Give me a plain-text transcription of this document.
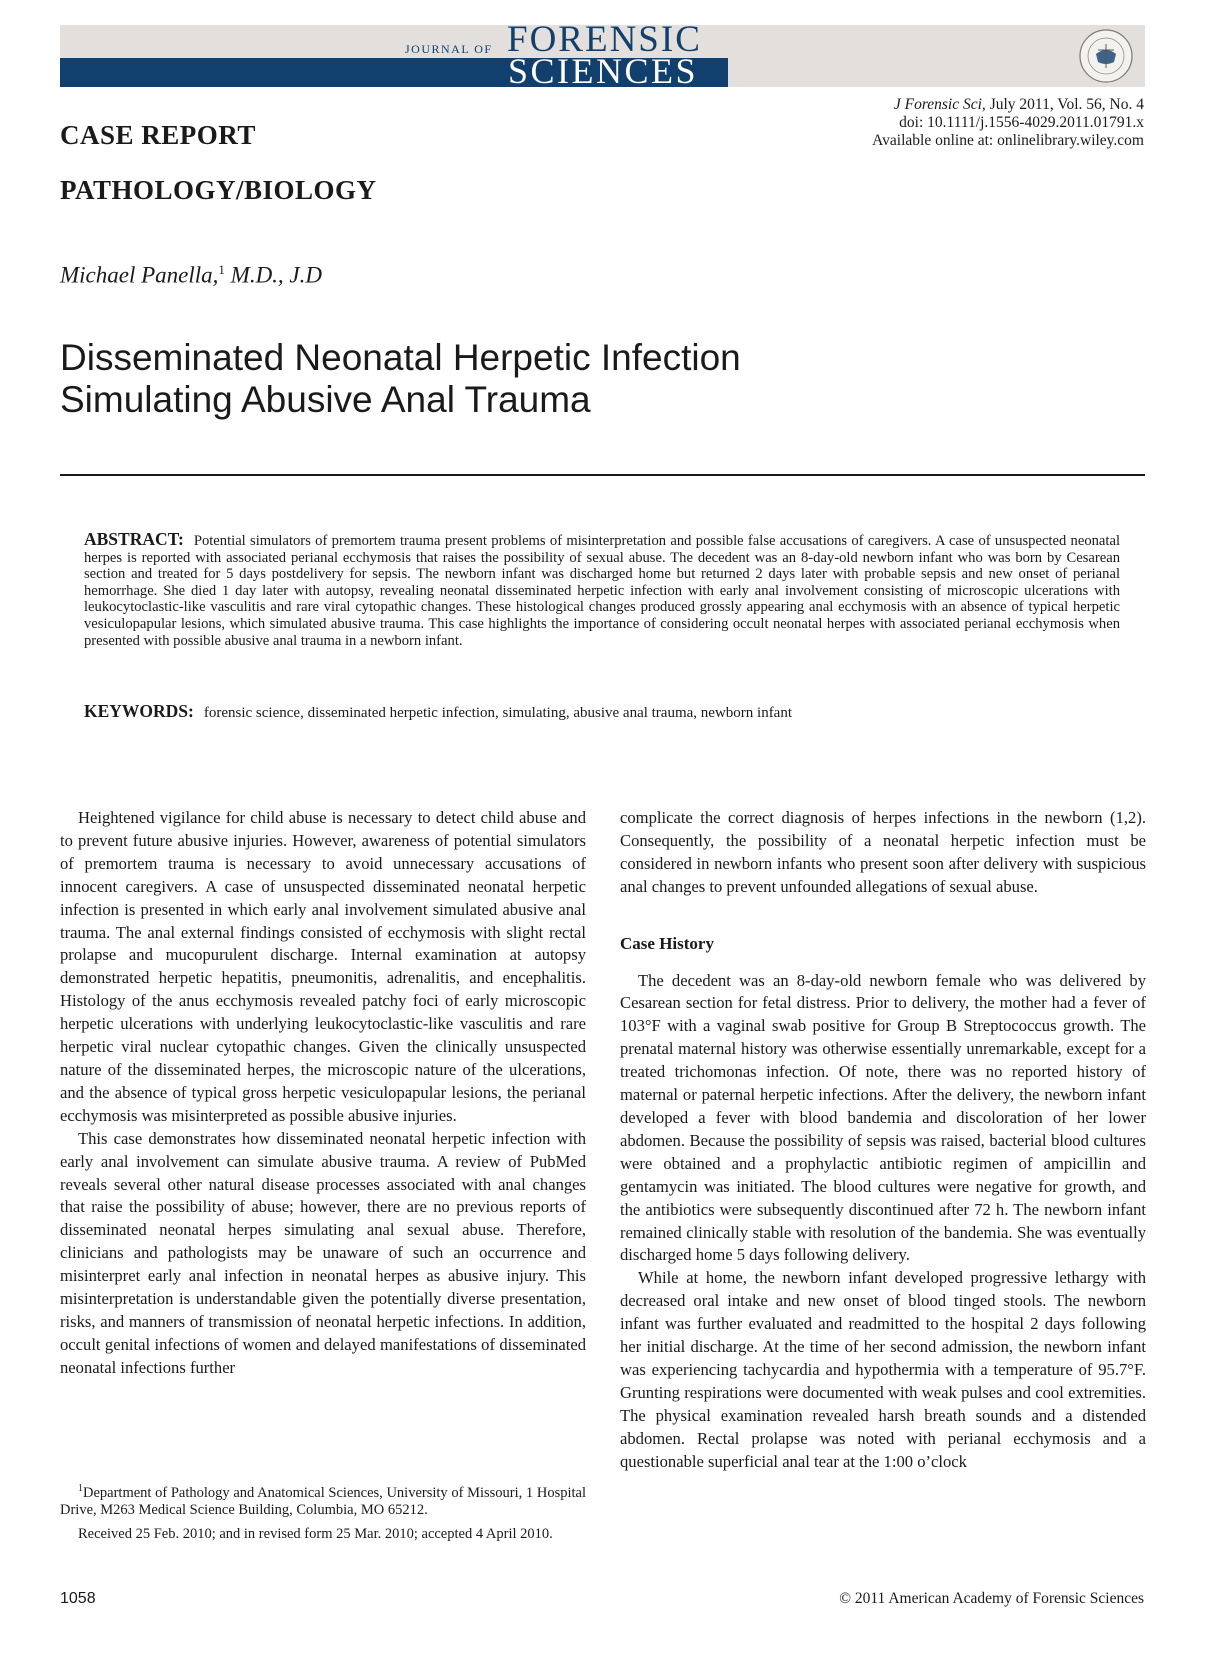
JOURNAL OF FORENSIC
SCIENCES
J Forensic Sci, July 2011, Vol. 56, No. 4
doi: 10.1111/j.1556-4029.2011.01791.x
Available online at: onlinelibrary.wiley.com
CASE REPORT
PATHOLOGY/BIOLOGY
Michael Panella,$^1$ M.D., J.D
Disseminated Neonatal Herpetic Infection
Simulating Abusive Anal Trauma
ABSTRACT: Potential simulators of premortem trauma present problems of misinterpretation and possible false accusations of caregivers. A case of unsuspected neonatal herpes is reported with associated perianal ecchymosis that raises the possibility of sexual abuse. The decedent was an 8-day-old newborn infant who was born by Cesarean section and treated for 5 days postdelivery for sepsis. The newborn infant was discharged home but returned 2 days later with probable sepsis and new onset of perianal hemorrhage. She died 1 day later with autopsy, revealing neonatal disseminated herpetic infection with early anal involvement consisting of microscopic ulcerations with leukocytoclastic-like vasculitis and rare viral cytopathic changes. These histological changes produced grossly appearing anal ecchymosis with an absence of typical herpetic vesiculopapular lesions, which simulated abusive trauma. This case highlights the importance of considering occult neonatal herpes with associated perianal ecchymosis when presented with possible abusive anal trauma in a newborn infant.
KEYWORDS: forensic science, disseminated herpetic infection, simulating, abusive anal trauma, newborn infant

Heightened vigilance for child abuse is necessary to detect child abuse and to prevent future abusive injuries. However, awareness of potential simulators of premortem trauma is necessary to avoid unnecessary accusations of innocent caregivers. A case of unsuspected disseminated neonatal herpetic infection is presented in which early anal involvement simulated abusive anal trauma. The anal external findings consisted of ecchymosis with slight rectal prolapse and mucopurulent discharge. Internal examination at autopsy demonstrated herpetic hepatitis, pneumonitis, adrenalitis, and encephalitis. Histology of the anus ecchymosis revealed patchy foci of early microscopic herpetic ulcerations with underlying leukocytoclastic-like vasculitis and rare herpetic viral nuclear cytopathic changes. Given the clinically unsuspected nature of the disseminated herpes, the microscopic nature of the ulcerations, and the absence of typical gross herpetic vesiculopapular lesions, the perianal ecchymosis was misinterpreted as possible abusive injuries.

This case demonstrates how disseminated neonatal herpetic infection with early anal involvement can simulate abusive trauma. A review of PubMed reveals several other natural disease processes associated with anal changes that raise the possibility of abuse; however, there are no previous reports of disseminated neonatal herpes simulating anal sexual abuse. Therefore, clinicians and pathologists may be unaware of such an occurrence and misinterpret early anal infection in neonatal herpes as abusive injury. This misinterpretation is understandable given the potentially diverse presentation, risks, and manners of transmission of neonatal herpetic infections. In addition, occult genital infections of women and delayed manifestations of disseminated neonatal infections further

complicate the correct diagnosis of herpes infections in the newborn (1,2). Consequently, the possibility of a neonatal herpetic infection must be considered in newborn infants who present soon after delivery with suspicious anal changes to prevent unfounded allegations of sexual abuse.

Case History

The decedent was an 8-day-old newborn female who was delivered by Cesarean section for fetal distress. Prior to delivery, the mother had a fever of 103°F with a vaginal swab positive for Group B Streptococcus growth. The prenatal maternal history was otherwise essentially unremarkable, except for a treated trichomonas infection. Of note, there was no reported history of maternal or paternal herpetic infections. After the delivery, the newborn infant developed a fever with blood bandemia and discoloration of her lower abdomen. Because the possibility of sepsis was raised, bacterial blood cultures were obtained and a prophylactic antibiotic regimen of ampicillin and gentamycin was initiated. The blood cultures were negative for growth, and the antibiotics were subsequently discontinued after 72 h. The newborn infant remained clinically stable with resolution of the bandemia. She was eventually discharged home 5 days following delivery.

While at home, the newborn infant developed progressive lethargy with decreased oral intake and new onset of blood tinged stools. The newborn infant was further evaluated and readmitted to the hospital 2 days following her initial discharge. At the time of her second admission, the newborn infant was experiencing tachycardia and hypothermia with a temperature of 95.7°F. Grunting respirations were documented with weak pulses and cool extremities. The physical examination revealed harsh breath sounds and a distended abdomen. Rectal prolapse was noted with perianal ecchymosis and a questionable superficial anal tear at the 1:00 o’clock

$^1$Department of Pathology and Anatomical Sciences, University of Missouri, 1 Hospital Drive, M263 Medical Science Building, Columbia, MO 65212.

Received 25 Feb. 2010; and in revised form 25 Mar. 2010; accepted 4 April 2010.

1058	© 2011 American Academy of Forensic Sciences
